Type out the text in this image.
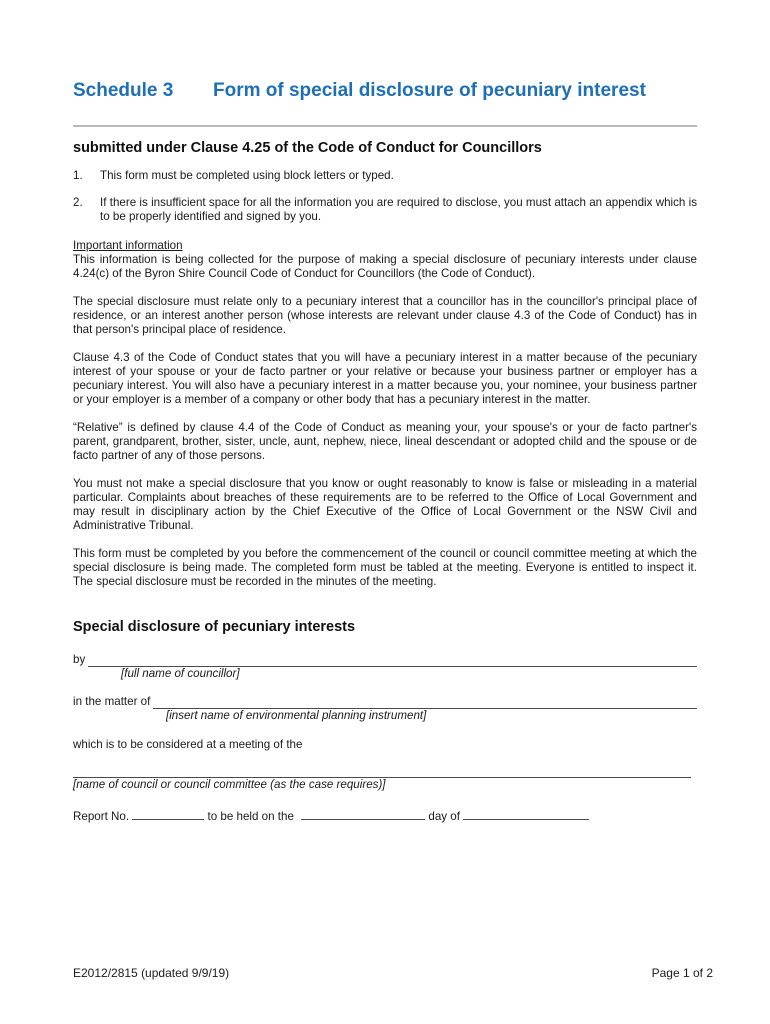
Schedule 3	Form of special disclosure of pecuniary interest
submitted under Clause 4.25 of the Code of Conduct for Councillors
1.	This form must be completed using block letters or typed.
2.	If there is insufficient space for all the information you are required to disclose, you must attach an appendix which is to be properly identified and signed by you.

Important information
This information is being collected for the purpose of making a special disclosure of pecuniary interests under clause 4.24(c) of the Byron Shire Council Code of Conduct for Councillors (the Code of Conduct).

The special disclosure must relate only to a pecuniary interest that a councillor has in the councillor's principal place of residence, or an interest another person (whose interests are relevant under clause 4.3 of the Code of Conduct) has in that person's principal place of residence.

Clause 4.3 of the Code of Conduct states that you will have a pecuniary interest in a matter because of the pecuniary interest of your spouse or your de facto partner or your relative or because your business partner or employer has a pecuniary interest. You will also have a pecuniary interest in a matter because you, your nominee, your business partner or your employer is a member of a company or other body that has a pecuniary interest in the matter.

“Relative” is defined by clause 4.4 of the Code of Conduct as meaning your, your spouse's or your de facto partner's parent, grandparent, brother, sister, uncle, aunt, nephew, niece, lineal descendant or adopted child and the spouse or de facto partner of any of those persons.

You must not make a special disclosure that you know or ought reasonably to know is false or misleading in a material particular. Complaints about breaches of these requirements are to be referred to the Office of Local Government and may result in disciplinary action by the Chief Executive of the Office of Local Government or the NSW Civil and Administrative Tribunal.

This form must be completed by you before the commencement of the council or council committee meeting at which the special disclosure is being made. The completed form must be tabled at the meeting. Everyone is entitled to inspect it. The special disclosure must be recorded in the minutes of the meeting.

Special disclosure of pecuniary interests
by
[full name of councillor]
in the matter of
[insert name of environmental planning instrument]
which is to be considered at a meeting of the
[name of council or council committee (as the case requires)]
Report No.	to be held on the	day of
E2012/2815 (updated 9/9/19)	Page 1 of 2
